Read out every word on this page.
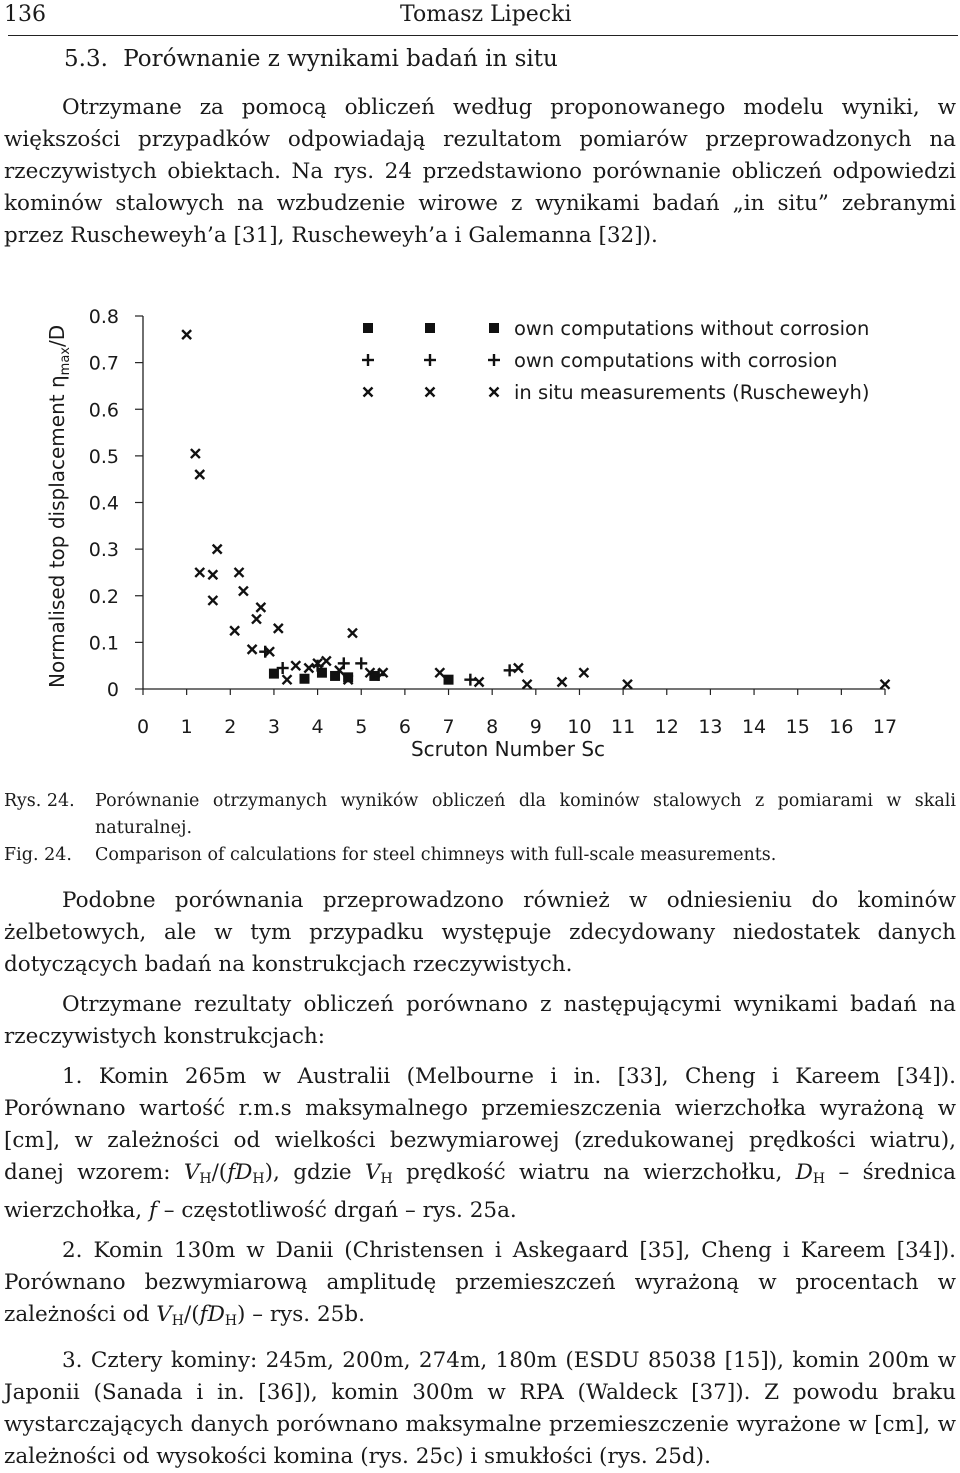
136	Tomasz Lipecki
5.3. Porównanie z wynikami badań in situ

Otrzymane za pomocą obliczeń według proponowanego modelu wyniki, w większości przypadków odpowiadają rezultatom pomiarów przeprowadzonych na rzeczywistych obiektach. Na rys. 24 przedstawiono porównanie obliczeń odpowiedzi kominów stalowych na wzbudzenie wirowe z wynikami badań „in situ” zebranymi przez Ruscheweyh’a [31], Ruscheweyh’a i Galemanna [32]).

0
0.1
0.2
0.3
0.4
0.5
0.6
0.7
0.8
0 1 2 3 4 5 6 7 8 9 10 11 12 13 14 15 16 17
own computations without corrosion
own computations with corrosion
in situ measurements (Ruscheweyh)
Scruton Number Sc
Normalised top displacement $\eta_{max}/D$
Rys. 24. Porównanie otrzymanych wyników obliczeń dla kominów stalowych z pomiarami w skali naturalnej.
Fig. 24. Comparison of calculations for steel chimneys with full-scale measurements.

Podobne porównania przeprowadzono również w odniesieniu do kominów żelbetowych, ale w tym przypadku występuje zdecydowany niedostatek danych dotyczących badań na konstrukcjach rzeczywistych.

Otrzymane rezultaty obliczeń porównano z następującymi wynikami badań na rzeczywistych konstrukcjach:

1. Komin 265m w Australii (Melbourne i in. [33], Cheng i Kareem [34]). Porównano wartość r.m.s maksymalnego przemieszczenia wierzchołka wyrażoną w [cm], w zależności od wielkości bezwymiarowej (zredukowanej prędkości wiatru), danej wzorem: $V_H/(fD_H)$, gdzie $V_H$ prędkość wiatru na wierzchołku, $D_H$ – średnica wierzchołka, f – częstotliwość drgań – rys. 25a.

2. Komin 130m w Danii (Christensen i Askegaard [35], Cheng i Kareem [34]). Porównano bezwymiarową amplitudę przemieszczeń wyrażoną w procentach w zależności od $V_H/(fD_H)$ – rys. 25b.

3. Cztery kominy: 245m, 200m, 274m, 180m (ESDU 85038 [15]), komin 200m w Japonii (Sanada i in. [36]), komin 300m w RPA (Waldeck [37]). Z powodu braku wystarczających danych porównano maksymalne przemieszczenie wyrażone w [cm], w zależności od wysokości komina (rys. 25c) i smukłości (rys. 25d).
